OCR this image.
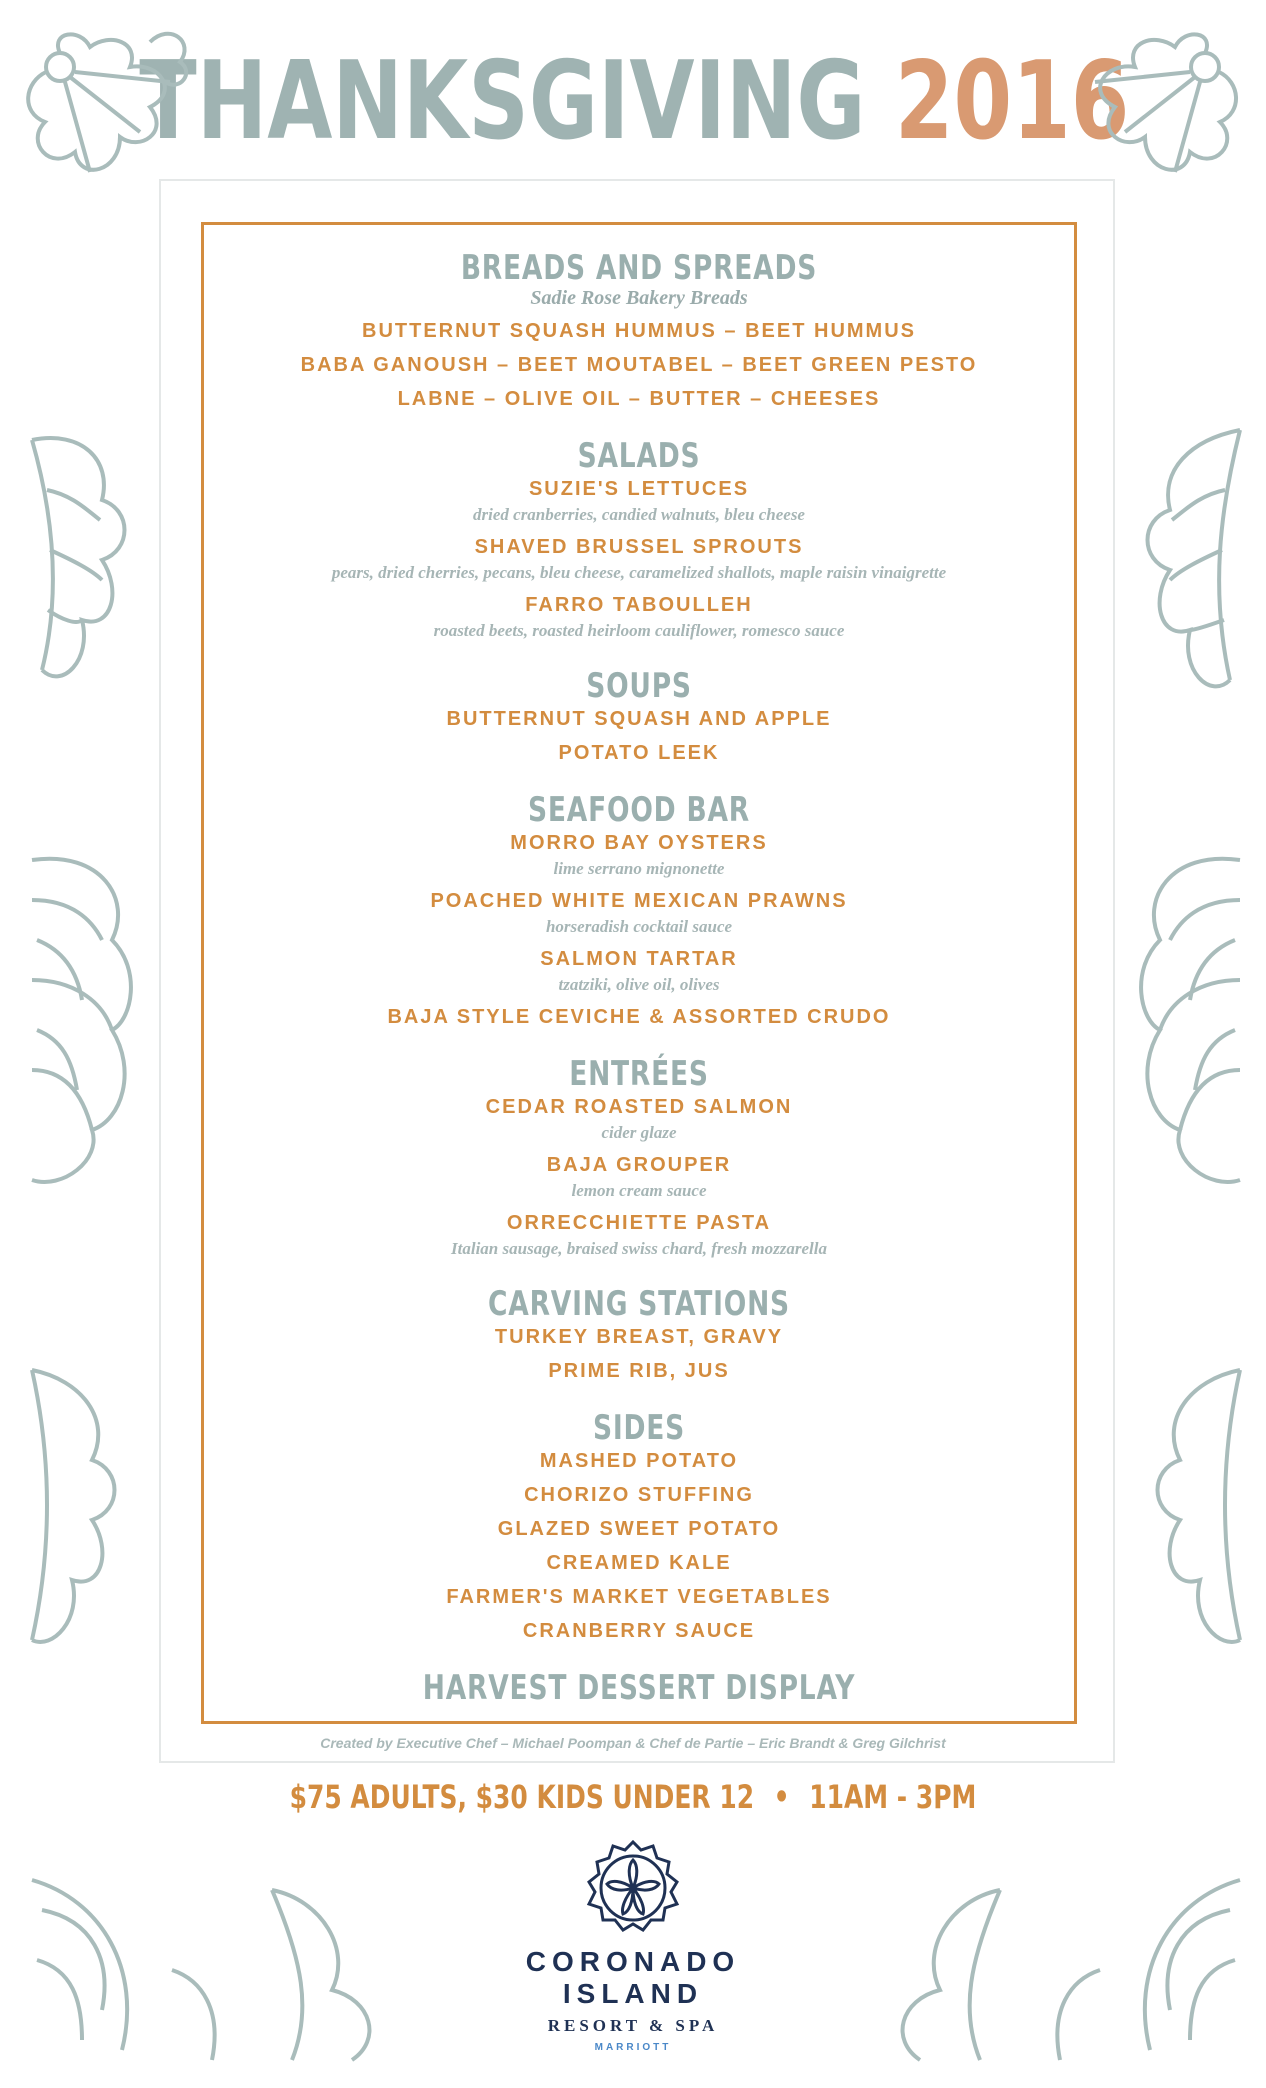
THANKSGIVING 2016
BREADS AND SPREADS
Sadie Rose Bakery Breads
BUTTERNUT SQUASH HUMMUS – BEET HUMMUS
BABA GANOUSH – BEET MOUTABEL – BEET GREEN PESTO
LABNE – OLIVE OIL – BUTTER – CHEESES
SALADS
SUZIE'S LETTUCES
dried cranberries, candied walnuts, bleu cheese
SHAVED BRUSSEL SPROUTS
pears, dried cherries, pecans, bleu cheese, caramelized shallots, maple raisin vinaigrette
FARRO TABOULLEH
roasted beets, roasted heirloom cauliflower, romesco sauce
SOUPS
BUTTERNUT SQUASH AND APPLE
POTATO LEEK
SEAFOOD BAR
MORRO BAY OYSTERS
lime serrano mignonette
POACHED WHITE MEXICAN PRAWNS
horseradish cocktail sauce
SALMON TARTAR
tzatziki, olive oil, olives
BAJA STYLE CEVICHE & ASSORTED CRUDO
ENTRÉES
CEDAR ROASTED SALMON
cider glaze
BAJA GROUPER
lemon cream sauce
ORRECCHIETTE PASTA
Italian sausage, braised swiss chard, fresh mozzarella
CARVING STATIONS
TURKEY BREAST, GRAVY
PRIME RIB, JUS
SIDES
MASHED POTATO
CHORIZO STUFFING
GLAZED SWEET POTATO
CREAMED KALE
FARMER'S MARKET VEGETABLES
CRANBERRY SAUCE
HARVEST DESSERT DISPLAY
Created by Executive Chef – Michael Poompan & Chef de Partie – Eric Brandt & Greg Gilchrist
$75 ADULTS, $30 KIDS UNDER 12 • 11AM - 3PM
CORONADO
ISLAND
RESORT & SPA
MARRIOTT
